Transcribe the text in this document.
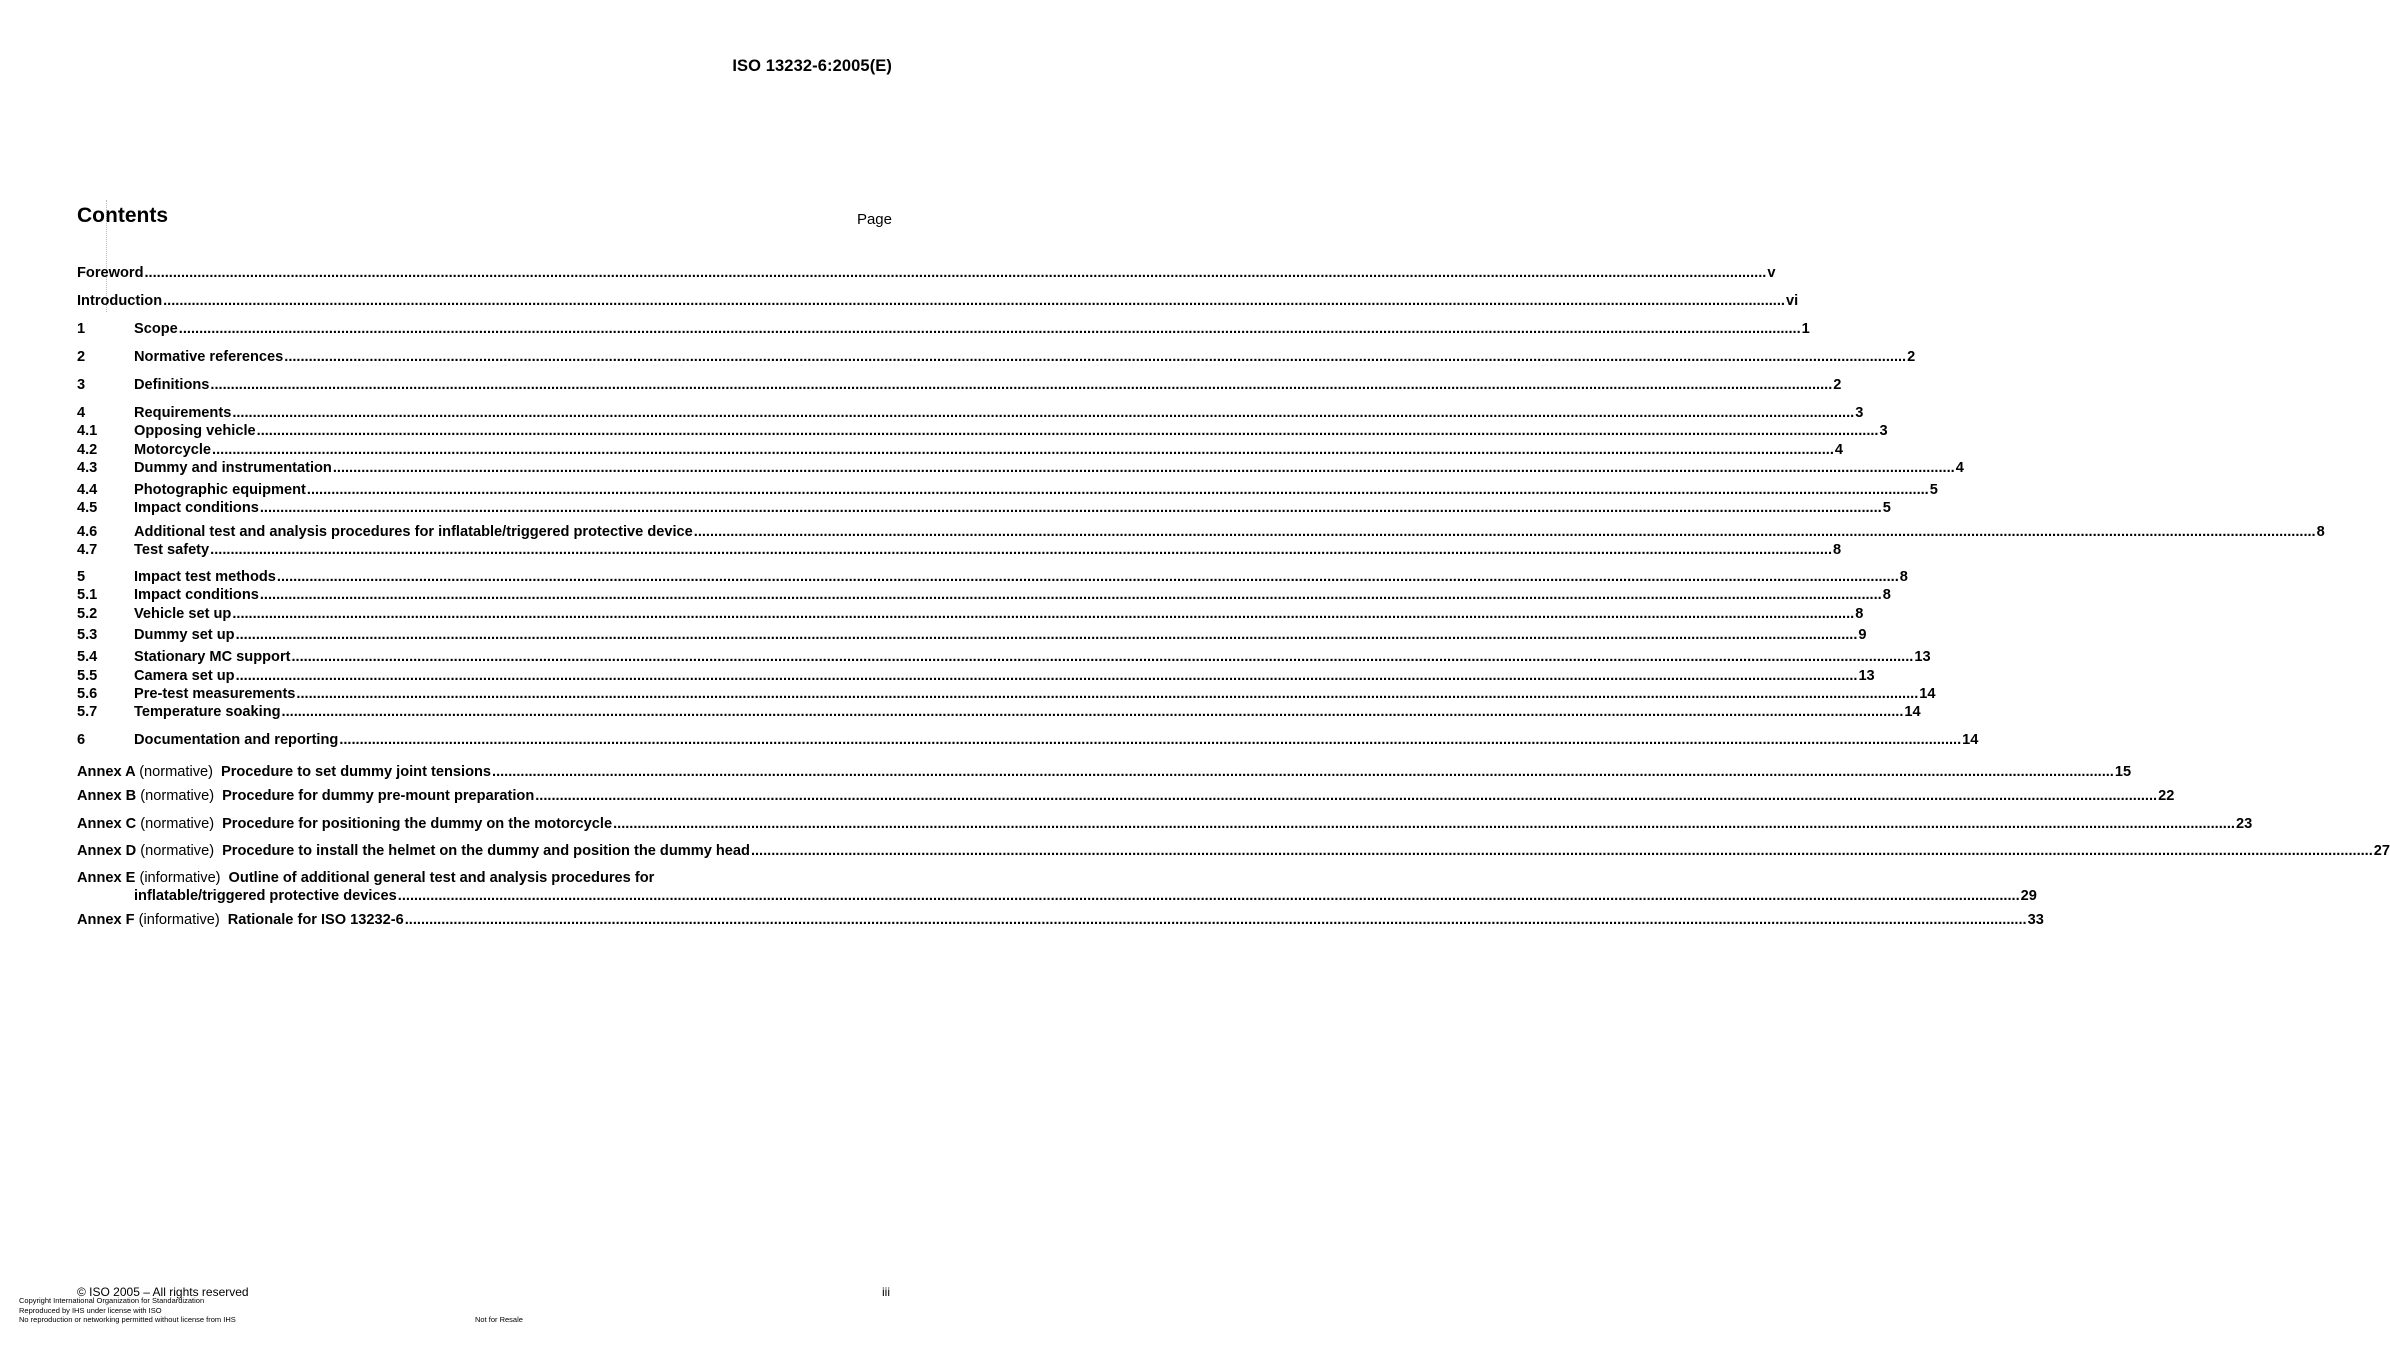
ISO 13232-6:2005(E)
Contents	Page
Foreword ................................................................................................................................................................................................................................................................................................................................................................................................................ v
Introduction ................................................................................................................................................................................................................................................................................................................................................................................................................ vi
1	Scope ................................................................................................................................................................................................................................................................................................................................................................................................................ 1
2	Normative references ................................................................................................................................................................................................................................................................................................................................................................................................................ 2
3	Definitions ................................................................................................................................................................................................................................................................................................................................................................................................................ 2
4	Requirements ................................................................................................................................................................................................................................................................................................................................................................................................................ 3
4.1	Opposing vehicle ................................................................................................................................................................................................................................................................................................................................................................................................................ 3
4.2	Motorcycle ................................................................................................................................................................................................................................................................................................................................................................................................................ 4
4.3	Dummy and instrumentation ................................................................................................................................................................................................................................................................................................................................................................................................................ 4
4.4	Photographic equipment ................................................................................................................................................................................................................................................................................................................................................................................................................ 5
4.5	Impact conditions ................................................................................................................................................................................................................................................................................................................................................................................................................ 5
4.6	Additional test and analysis procedures for inflatable/triggered protective device ................................................................................................................................................................................................................................................................................................................................................................................................................ 8
4.7	Test safety ................................................................................................................................................................................................................................................................................................................................................................................................................ 8
5	Impact test methods ................................................................................................................................................................................................................................................................................................................................................................................................................ 8
5.1	Impact conditions ................................................................................................................................................................................................................................................................................................................................................................................................................ 8
5.2	Vehicle set up ................................................................................................................................................................................................................................................................................................................................................................................................................ 8
5.3	Dummy set up ................................................................................................................................................................................................................................................................................................................................................................................................................ 9
5.4	Stationary MC support ................................................................................................................................................................................................................................................................................................................................................................................................................ 13
5.5	Camera set up ................................................................................................................................................................................................................................................................................................................................................................................................................ 13
5.6	Pre-test measurements ................................................................................................................................................................................................................................................................................................................................................................................................................ 14
5.7	Temperature soaking ................................................................................................................................................................................................................................................................................................................................................................................................................ 14
6	Documentation and reporting ................................................................................................................................................................................................................................................................................................................................................................................................................ 14
Annex A (normative) Procedure to set dummy joint tensions ................................................................................................................................................................................................................................................................................................................................................................................................................ 15
Annex B (normative) Procedure for dummy pre-mount preparation ................................................................................................................................................................................................................................................................................................................................................................................................................ 22
Annex C (normative) Procedure for positioning the dummy on the motorcycle ................................................................................................................................................................................................................................................................................................................................................................................................................ 23
Annex D (normative) Procedure to install the helmet on the dummy and position the dummy head ................................................................................................................................................................................................................................................................................................................................................................................................................ 27
Annex E (informative) Outline of additional general test and analysis procedures for
inflatable/triggered protective devices ................................................................................................................................................................................................................................................................................................................................................................................................................ 29
Annex F (informative) Rationale for ISO 13232-6 ................................................................................................................................................................................................................................................................................................................................................................................................................ 33
© ISO 2005 – All rights reserved	iii
Copyright International Organization for Standardization
Reproduced by IHS under license with ISO
No reproduction or networking permitted without license from IHS	Not for Resale
